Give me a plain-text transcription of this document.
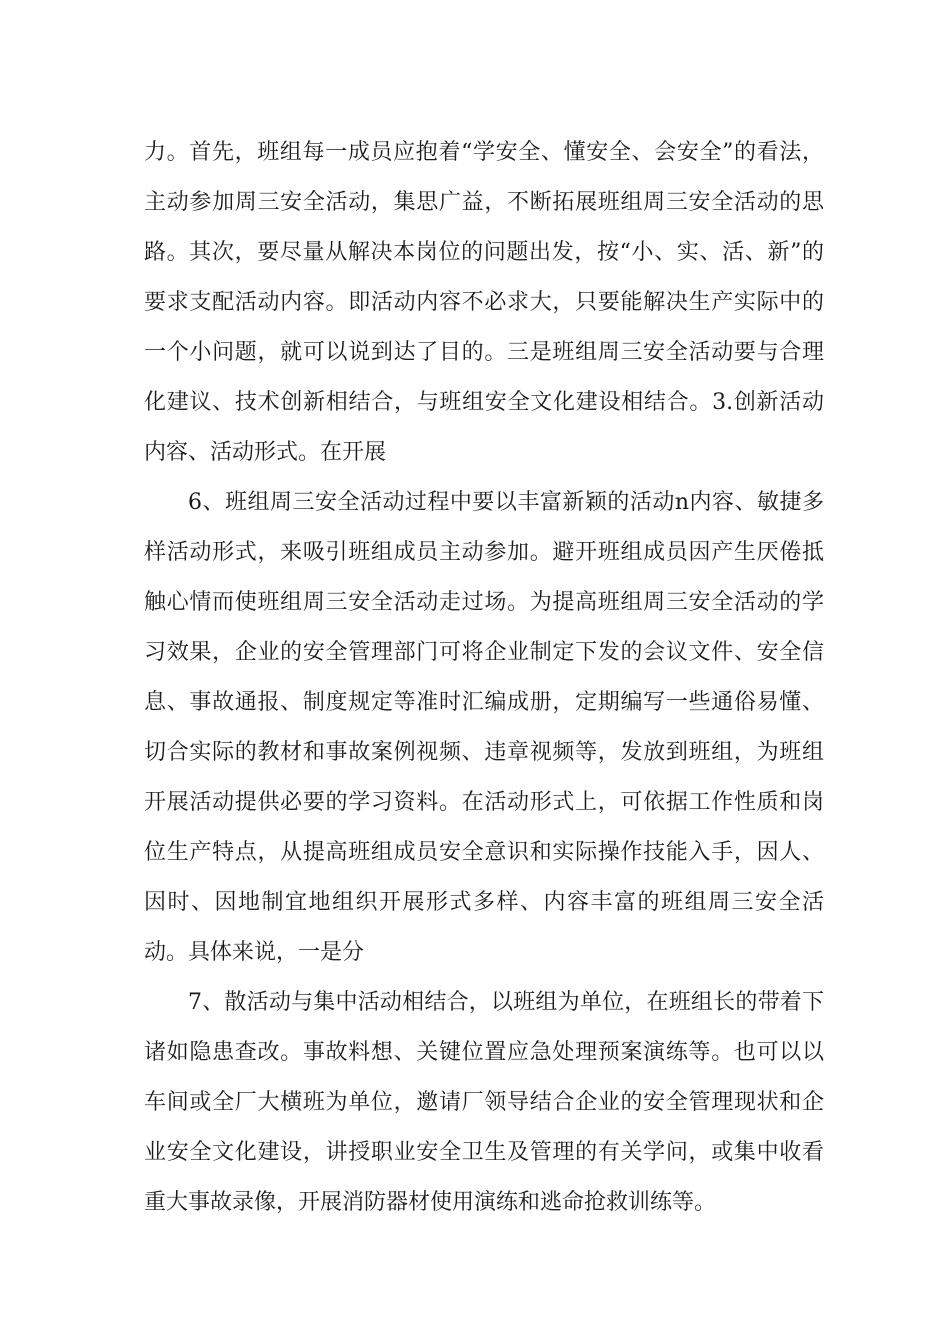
力。首先，班组每一成员应抱着“学安全、懂安全、会安全”的看法，主动参加周三安全活动，集思广益，不断拓展班组周三安全活动的思路。其次，要尽量从解决本岗位的问题出发，按“小、实、活、新”的要求支配活动内容。即活动内容不必求大，只要能解决生产实际中的一个小问题，就可以说到达了目的。三是班组周三安全活动要与合理化建议、技术创新相结合，与班组安全文化建设相结合。3.创新活动内容、活动形式。在开展

6、班组周三安全活动过程中要以丰富新颖的活动n内容、敏捷多样活动形式，来吸引班组成员主动参加。避开班组成员因产生厌倦抵触心情而使班组周三安全活动走过场。为提高班组周三安全活动的学习效果，企业的安全管理部门可将企业制定下发的会议文件、安全信息、事故通报、制度规定等准时汇编成册，定期编写一些通俗易懂、切合实际的教材和事故案例视频、违章视频等，发放到班组，为班组开展活动提供必要的学习资料。在活动形式上，可依据工作性质和岗位生产特点，从提高班组成员安全意识和实际操作技能入手，因人、因时、因地制宜地组织开展形式多样、内容丰富的班组周三安全活动。具体来说，一是分

7、散活动与集中活动相结合，以班组为单位，在班组长的带着下诸如隐患查改。事故料想、关键位置应急处理预案演练等。也可以以车间或全厂大横班为单位，邀请厂领导结合企业的安全管理现状和企业安全文化建设，讲授职业安全卫生及管理的有关学问，或集中收看重大事故录像，开展消防器材使用演练和逃命抢救训练等。
